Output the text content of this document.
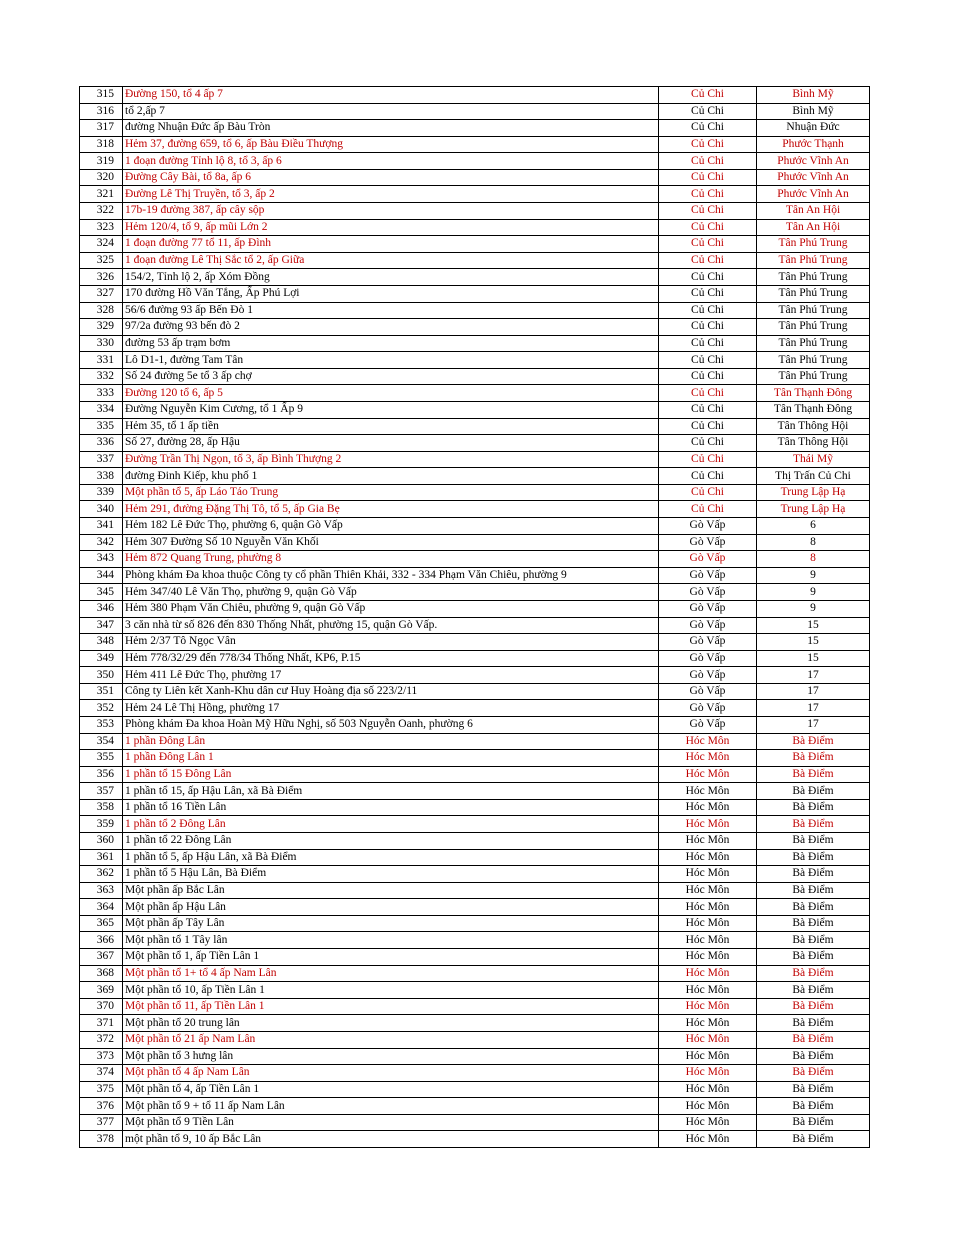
315	Đường 150, tổ 4 ấp 7	Củ Chi	Bình Mỹ
316	tổ 2,ấp 7	Củ Chi	Bình Mỹ
317	đường Nhuận Đức ấp Bàu Tròn	Củ Chi	Nhuận Đức
318	Hẻm 37, đường 659, tổ 6, ấp Bàu Điều Thượng	Củ Chi	Phước Thạnh
319	1 đoạn đường Tỉnh lộ 8, tổ 3, ấp 6	Củ Chi	Phước Vĩnh An
320	Đường Cây Bài, tổ 8a, ấp 6	Củ Chi	Phước Vĩnh An
321	Đường Lê Thị Truyền, tổ 3, ấp 2	Củ Chi	Phước Vĩnh An
322	17b-19 đường 387, ấp cây sộp	Củ Chi	Tân An Hội
323	Hẻm 120/4, tổ 9, ấp mũi Lớn 2	Củ Chi	Tân An Hội
324	1 đoạn đường 77 tổ 11, ấp Đình	Củ Chi	Tân Phú Trung
325	1 đoạn đường Lê Thị Sắc tổ 2, ấp Giữa	Củ Chi	Tân Phú Trung
326	154/2, Tỉnh lộ 2, ấp Xóm Đồng	Củ Chi	Tân Phú Trung
327	170 đường Hồ Văn Tắng, Ấp Phú Lợi	Củ Chi	Tân Phú Trung
328	56/6 đường 93 ấp Bến Đò 1	Củ Chi	Tân Phú Trung
329	97/2a đường 93 bến đò 2	Củ Chi	Tân Phú Trung
330	đường 53 ấp trạm bơm	Củ Chi	Tân Phú Trung
331	Lô D1-1, đường Tam Tân	Củ Chi	Tân Phú Trung
332	Số 24 đường 5e tổ 3 ấp chợ	Củ Chi	Tân Phú Trung
333	Đường 120 tổ 6, ấp 5	Củ Chi	Tân Thạnh Đông
334	Đường Nguyễn Kim Cương, tổ 1 Ấp 9	Củ Chi	Tân Thạnh Đông
335	Hẻm 35, tổ 1 ấp tiền	Củ Chi	Tân Thông Hội
336	Số 27, đường 28, ấp Hậu	Củ Chi	Tân Thông Hội
337	Đường Trần Thị Ngọn, tổ 3, ấp Bình Thượng 2	Củ Chi	Thái Mỹ
338	đường Đinh Kiếp, khu phố 1	Củ Chi	Thị Trấn Củ Chi
339	Một phần tổ 5, ấp Láo Táo Trung	Củ Chi	Trung Lập Hạ
340	Hẻm 291, đường Đặng Thị Tô, tổ 5, ấp Gia Bẹ	Củ Chi	Trung Lập Hạ
341	Hẻm 182 Lê Đức Thọ, phường 6, quận Gò Vấp	Gò Vấp	6
342	Hẻm 307 Đường Số 10 Nguyễn Văn Khối	Gò Vấp	8
343	Hẻm 872 Quang Trung, phường 8	Gò Vấp	8
344	Phòng khám Đa khoa thuộc Công ty cổ phần Thiên Khải, 332 - 334 Phạm Văn Chiêu, phường 9	Gò Vấp	9
345	Hẻm 347/40 Lê Văn Thọ, phường 9, quận Gò Vấp	Gò Vấp	9
346	Hẻm 380 Phạm Văn Chiêu, phường 9, quận Gò Vấp	Gò Vấp	9
347	3 căn nhà từ số 826 đến 830 Thống Nhất, phường 15, quận Gò Vấp.	Gò Vấp	15
348	Hẻm 2/37 Tô Ngọc Vân	Gò Vấp	15
349	Hẻm 778/32/29 đến 778/34 Thống Nhất, KP6, P.15	Gò Vấp	15
350	Hẻm 411 Lê Đức Thọ, phường 17	Gò Vấp	17
351	Công ty Liên kết Xanh-Khu dân cư Huy Hoàng địa số 223/2/11	Gò Vấp	17
352	Hẻm 24 Lê Thị Hồng, phường 17	Gò Vấp	17
353	Phòng khám Đa khoa Hoàn Mỹ Hữu Nghị, số 503 Nguyễn Oanh, phường 6	Gò Vấp	17
354	1 phần Đông Lân	Hóc Môn	Bà Điểm
355	1 phần Đông Lân 1	Hóc Môn	Bà Điểm
356	1 phần tổ 15 Đông Lân	Hóc Môn	Bà Điểm
357	1 phần tổ 15, ấp Hậu Lân, xã Bà Điểm	Hóc Môn	Bà Điểm
358	1 phần tổ 16 Tiền Lân	Hóc Môn	Bà Điểm
359	1 phần tổ 2 Đông Lân	Hóc Môn	Bà Điểm
360	1 phần tổ 22 Đông Lân	Hóc Môn	Bà Điểm
361	1 phần tổ 5, ấp Hậu Lân, xã Bà Điểm	Hóc Môn	Bà Điểm
362	1 phần tổ 5 Hậu Lân, Bà Điểm	Hóc Môn	Bà Điểm
363	Một phần ấp Bắc Lân	Hóc Môn	Bà Điểm
364	Một phần ấp Hậu Lân	Hóc Môn	Bà Điểm
365	Một phần ấp Tây Lân	Hóc Môn	Bà Điểm
366	Một phần tổ 1 Tây lân	Hóc Môn	Bà Điểm
367	Một phần tổ 1, ấp Tiền Lân 1	Hóc Môn	Bà Điểm
368	Một phần tổ 1+ tổ 4 ấp Nam Lân	Hóc Môn	Bà Điểm
369	Một phần tổ 10, ấp Tiền Lân 1	Hóc Môn	Bà Điểm
370	Một phần tổ 11, ấp Tiền Lân 1	Hóc Môn	Bà Điểm
371	Một phần tổ 20 trung lân	Hóc Môn	Bà Điểm
372	Một phần tổ 21 ấp Nam Lân	Hóc Môn	Bà Điểm
373	Một phần tổ 3 hưng lân	Hóc Môn	Bà Điểm
374	Một phần tổ 4 ấp Nam Lân	Hóc Môn	Bà Điểm
375	Một phần tổ 4, ấp Tiền Lân 1	Hóc Môn	Bà Điểm
376	Một phần tổ 9 + tổ 11 ấp Nam Lân	Hóc Môn	Bà Điểm
377	Một phần tổ 9 Tiền Lân	Hóc Môn	Bà Điểm
378	một phần tổ 9, 10 ấp Bắc Lân	Hóc Môn	Bà Điểm
